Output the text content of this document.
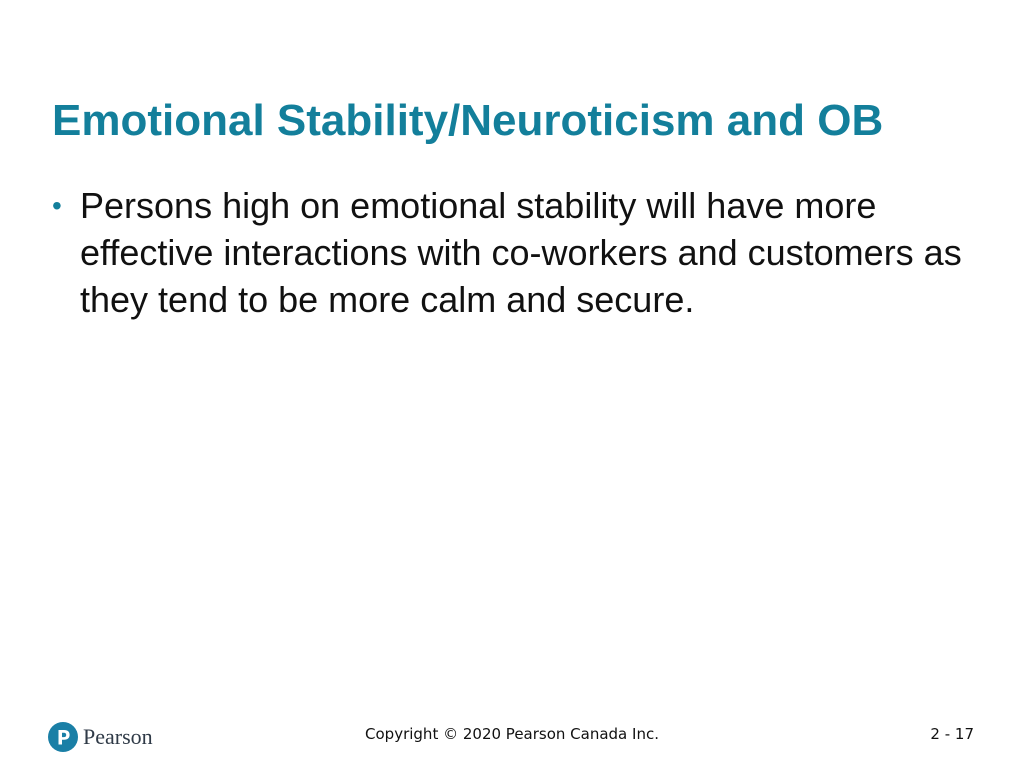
Emotional Stability/Neuroticism and OB
• Persons high on emotional stability will have more effective interactions with co-workers and customers as they tend to be more calm and secure.
Pearson	Copyright © 2020 Pearson Canada Inc.	2 - 17
